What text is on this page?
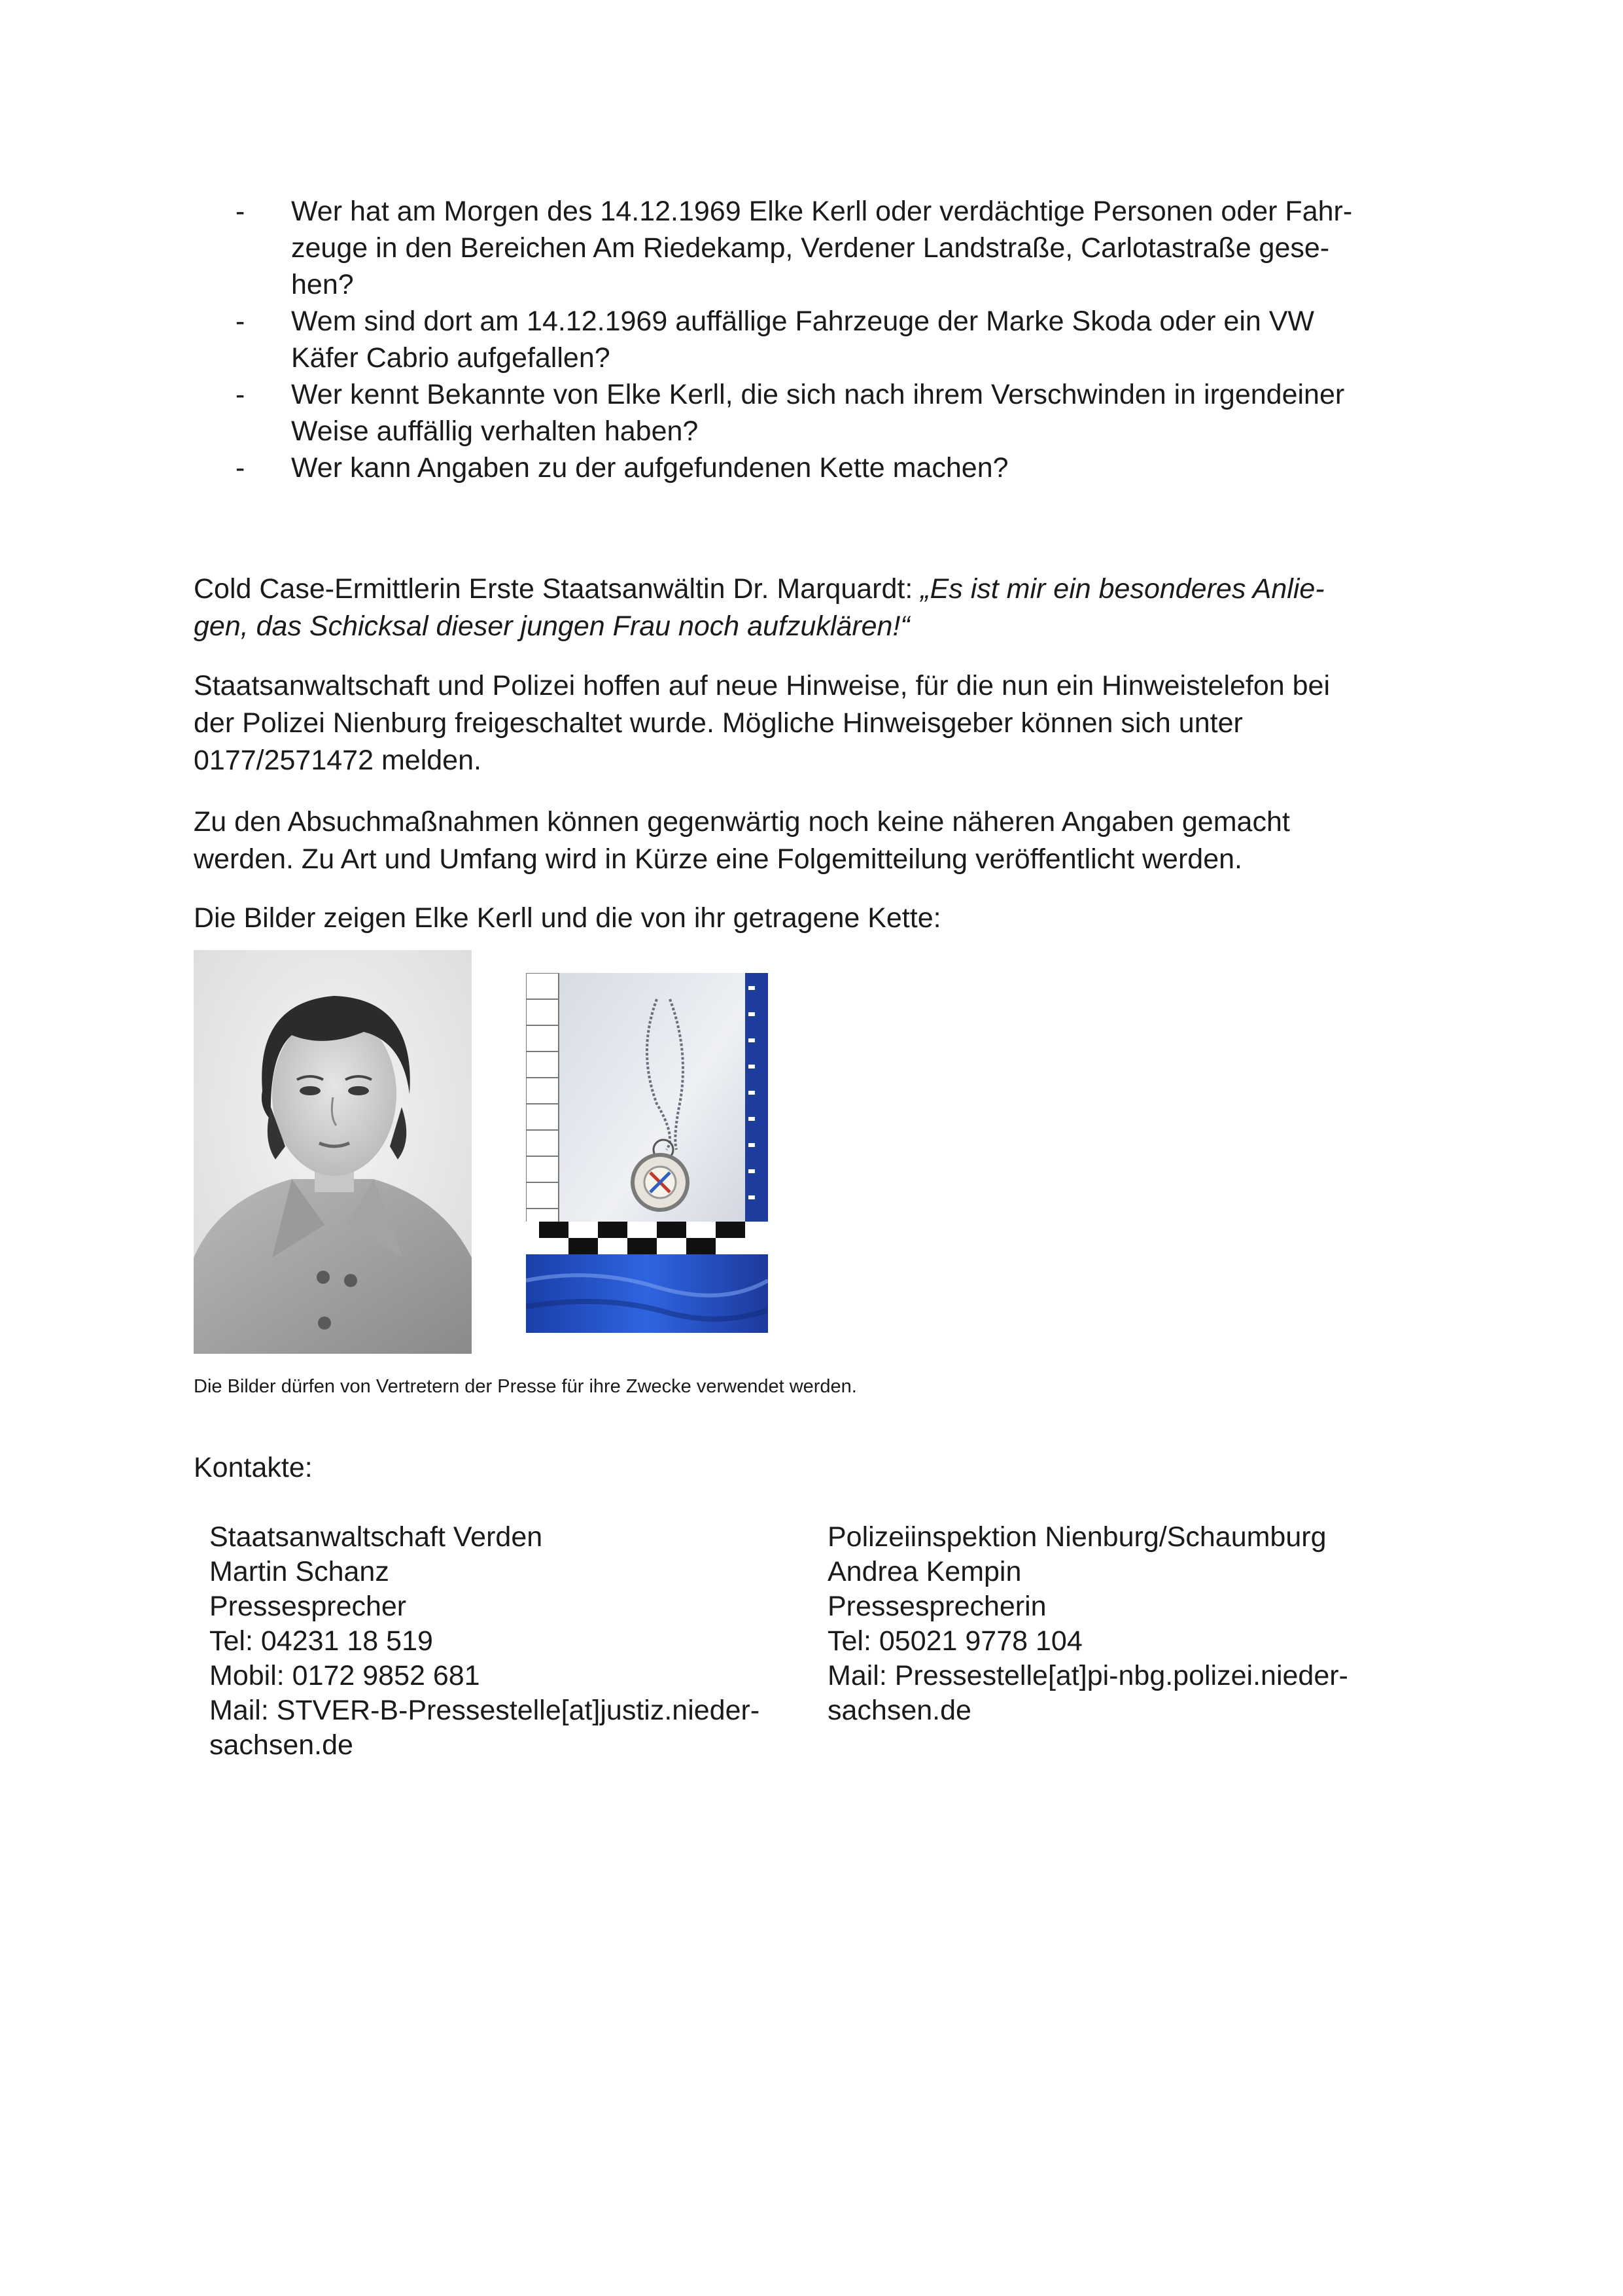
-	Wer hat am Morgen des 14.12.1969 Elke Kerll oder verdächtige Personen oder Fahr-
zeuge in den Bereichen Am Riedekamp, Verdener Landstraße, Carlotastraße gese-
hen?
-	Wem sind dort am 14.12.1969 auffällige Fahrzeuge der Marke Skoda oder ein VW
Käfer Cabrio aufgefallen?
-	Wer kennt Bekannte von Elke Kerll, die sich nach ihrem Verschwinden in irgendeiner
Weise auffällig verhalten haben?
-	Wer kann Angaben zu der aufgefundenen Kette machen?

Cold Case-Ermittlerin Erste Staatsanwältin Dr. Marquardt: „Es ist mir ein besonderes Anlie-
gen, das Schicksal dieser jungen Frau noch aufzuklären!“

Staatsanwaltschaft und Polizei hoffen auf neue Hinweise, für die nun ein Hinweistelefon bei
der Polizei Nienburg freigeschaltet wurde. Mögliche Hinweisgeber können sich unter
0177/2571472 melden.

Zu den Absuchmaßnahmen können gegenwärtig noch keine näheren Angaben gemacht
werden. Zu Art und Umfang wird in Kürze eine Folgemitteilung veröffentlicht werden.

Die Bilder zeigen Elke Kerll und die von ihr getragene Kette:

Die Bilder dürfen von Vertretern der Presse für ihre Zwecke verwendet werden.

Kontakte:

Staatsanwaltschaft Verden
Martin Schanz
Pressesprecher
Tel: 04231 18 519
Mobil: 0172 9852 681
Mail: STVER-B-Pressestelle[at]justiz.nieder-
sachsen.de
Polizeiinspektion Nienburg/Schaumburg
Andrea Kempin
Pressesprecherin
Tel: 05021 9778 104
Mail: Pressestelle[at]pi-nbg.polizei.nieder-
sachsen.de
